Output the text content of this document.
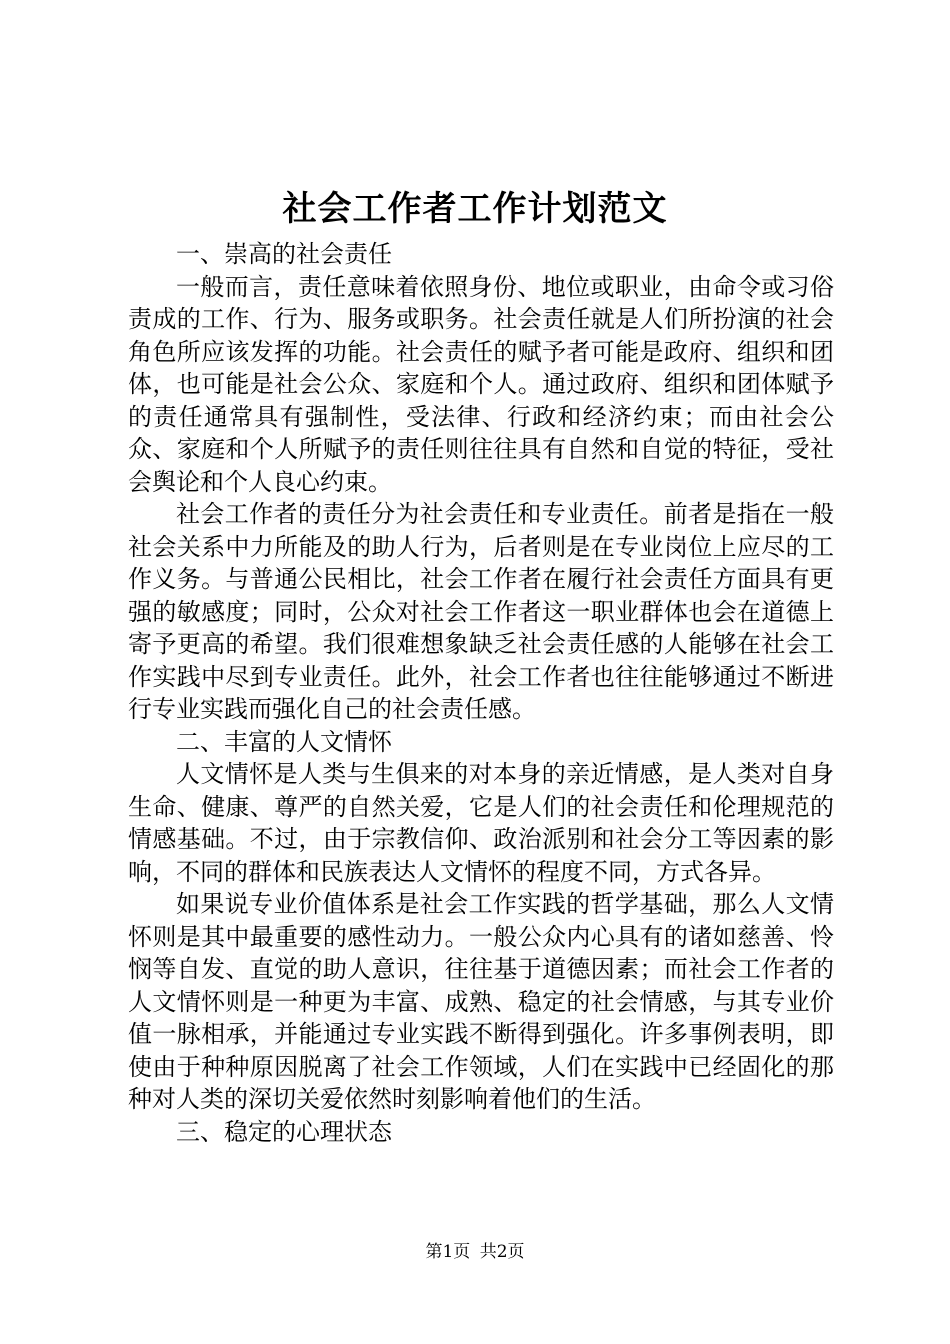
社会工作者工作计划范文

一、崇高的社会责任

一般而言，责任意味着依照身份、地位或职业，由命令或习俗责成的工作、行为、服务或职务。社会责任就是人们所扮演的社会角色所应该发挥的功能。社会责任的赋予者可能是政府、组织和团体，也可能是社会公众、家庭和个人。通过政府、组织和团体赋予的责任通常具有强制性，受法律、行政和经济约束；而由社会公众、家庭和个人所赋予的责任则往往具有自然和自觉的特征，受社会舆论和个人良心约束。

社会工作者的责任分为社会责任和专业责任。前者是指在一般社会关系中力所能及的助人行为，后者则是在专业岗位上应尽的工作义务。与普通公民相比，社会工作者在履行社会责任方面具有更强的敏感度；同时，公众对社会工作者这一职业群体也会在道德上寄予更高的希望。我们很难想象缺乏社会责任感的人能够在社会工作实践中尽到专业责任。此外，社会工作者也往往能够通过不断进行专业实践而强化自己的社会责任感。

二、丰富的人文情怀

人文情怀是人类与生俱来的对本身的亲近情感，是人类对自身生命、健康、尊严的自然关爱，它是人们的社会责任和伦理规范的情感基础。不过，由于宗教信仰、政治派别和社会分工等因素的影响，不同的群体和民族表达人文情怀的程度不同，方式各异。

如果说专业价值体系是社会工作实践的哲学基础，那么人文情怀则是其中最重要的感性动力。一般公众内心具有的诸如慈善、怜悯等自发、直觉的助人意识，往往基于道德因素；而社会工作者的人文情怀则是一种更为丰富、成熟、稳定的社会情感，与其专业价值一脉相承，并能通过专业实践不断得到强化。许多事例表明，即使由于种种原因脱离了社会工作领域，人们在实践中已经固化的那种对人类的深切关爱依然时刻影响着他们的生活。

三、稳定的心理状态

第1页 共2页
